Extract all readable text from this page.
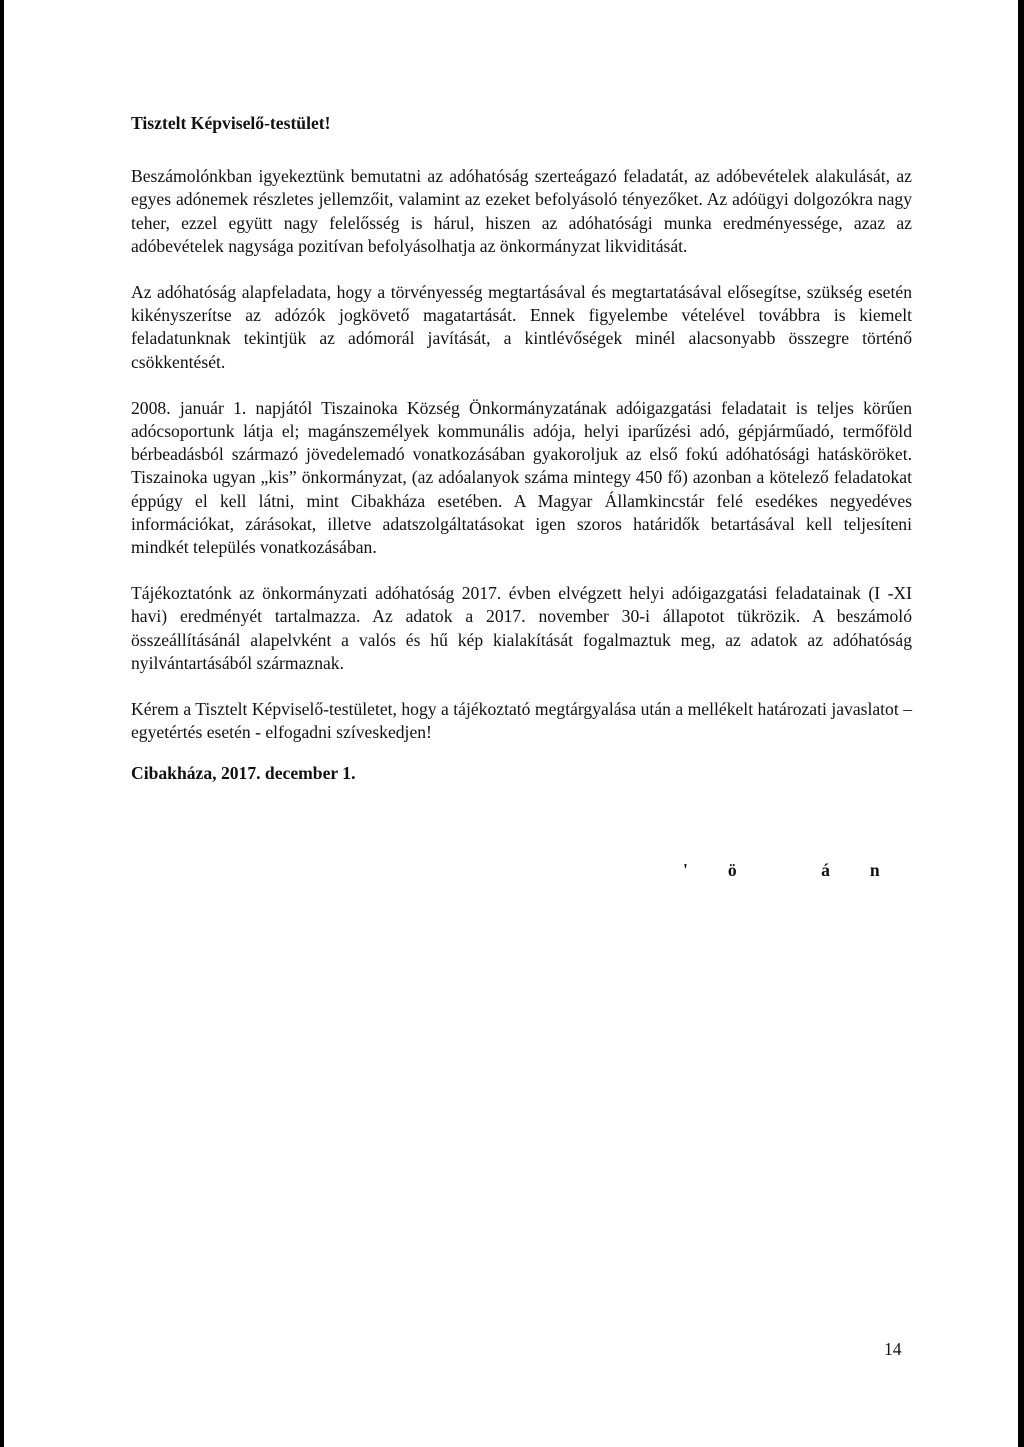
Tisztelt Képviselő-testület!

Beszámolónkban igyekeztünk bemutatni az adóhatóság szerteágazó feladatát, az adóbevételek alakulását, az egyes adónemek részletes jellemzőit, valamint az ezeket befolyásoló tényezőket. Az adóügyi dolgozókra nagy teher, ezzel együtt nagy felelősség is hárul, hiszen az adóhatósági munka eredményessége, azaz az adóbevételek nagysága pozitívan befolyásolhatja az önkormányzat likviditását.

Az adóhatóság alapfeladata, hogy a törvényesség megtartásával és megtartatásával elősegítse, szükség esetén kikényszerítse az adózók jogkövető magatartását. Ennek figyelembe vételével továbbra is kiemelt feladatunknak tekintjük az adómorál javítását, a kintlévőségek minél alacsonyabb összegre történő csökkentését.

2008. január 1. napjától Tiszainoka Község Önkormányzatának adóigazgatási feladatait is teljes körűen adócsoportunk látja el; magánszemélyek kommunális adója, helyi iparűzési adó, gépjárműadó, termőföld bérbeadásból származó jövedelemadó vonatkozásában gyakoroljuk az első fokú adóhatósági hatásköröket. Tiszainoka ugyan „kis” önkormányzat, (az adóalanyok száma mintegy 450 fő) azonban a kötelező feladatokat éppúgy el kell látni, mint Cibakháza esetében. A Magyar Államkincstár felé esedékes negyedéves információkat, zárásokat, illetve adatszolgáltatásokat igen szoros határidők betartásával kell teljesíteni mindkét település vonatkozásában.

Tájékoztatónk az önkormányzati adóhatóság 2017. évben elvégzett helyi adóigazgatási feladatainak (I -XI havi) eredményét tartalmazza. Az adatok a 2017. november 30-i állapotot tükrözik. A beszámoló összeállításánál alapelvként a valós és hű kép kialakítását fogalmaztuk meg, az adatok az adóhatóság nyilvántartásából származnak.

Kérem a Tisztelt Képviselő-testületet, hogy a tájékoztató megtárgyalása után a mellékelt határozati javaslatot – egyetértés esetén - elfogadni szíveskedjen!

Cibakháza, 2017. december 1.

'ö án
14
